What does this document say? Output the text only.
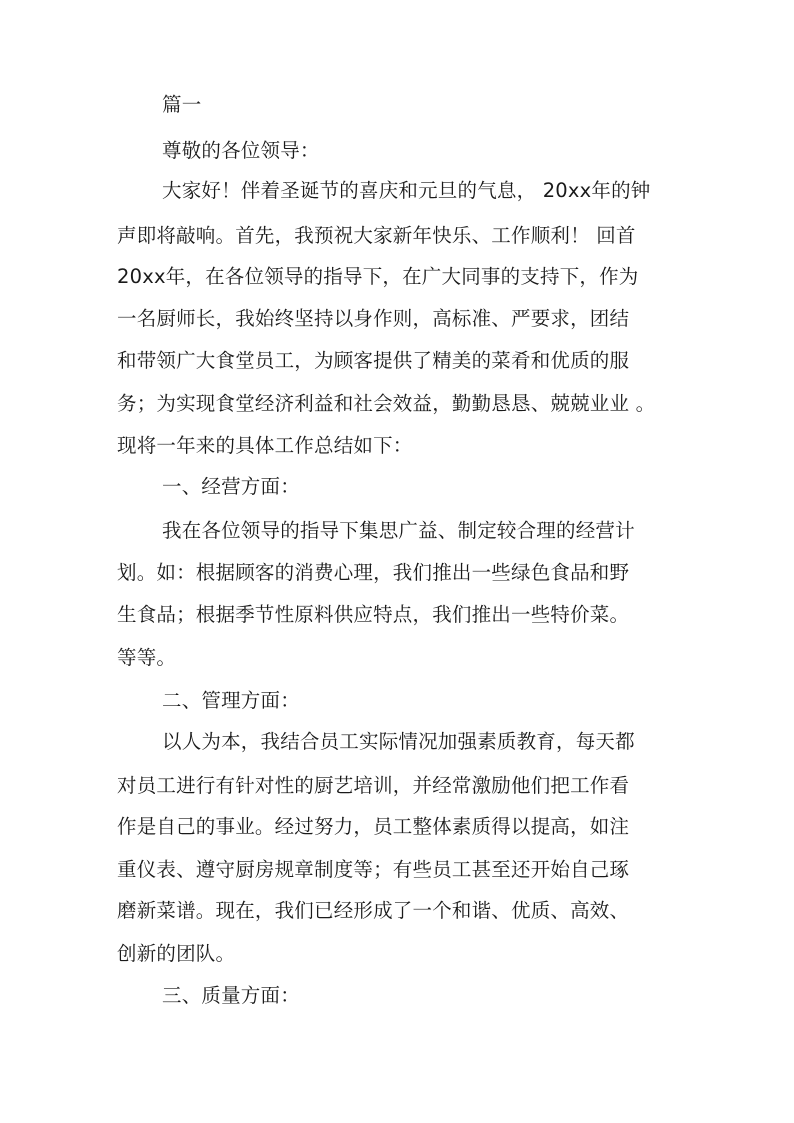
篇一
尊敬的各位领导：
大家好！伴着圣诞节的喜庆和元旦的气息， 20xx年的钟
声即将敲响。首先，我预祝大家新年快乐、工作顺利！ 回首
20xx年，在各位领导的指导下，在广大同事的支持下，作为
一名厨师长，我始终坚持以身作则，高标准、严要求，团结
和带领广大食堂员工，为顾客提供了精美的菜肴和优质的服
务；为实现食堂经济利益和社会效益，勤勤恳恳、兢兢业业 。
现将一年来的具体工作总结如下：
一、经营方面：
我在各位领导的指导下集思广益、制定较合理的经营计
划。如：根据顾客的消费心理，我们推出一些绿色食品和野
生食品；根据季节性原料供应特点，我们推出一些特价菜。
等等。
二、管理方面：
以人为本，我结合员工实际情况加强素质教育，每天都
对员工进行有针对性的厨艺培训，并经常激励他们把工作看
作是自己的事业。经过努力，员工整体素质得以提高，如注
重仪表、遵守厨房规章制度等；有些员工甚至还开始自己琢
磨新菜谱。现在，我们已经形成了一个和谐、优质、高效、
创新的团队。
三、质量方面：
